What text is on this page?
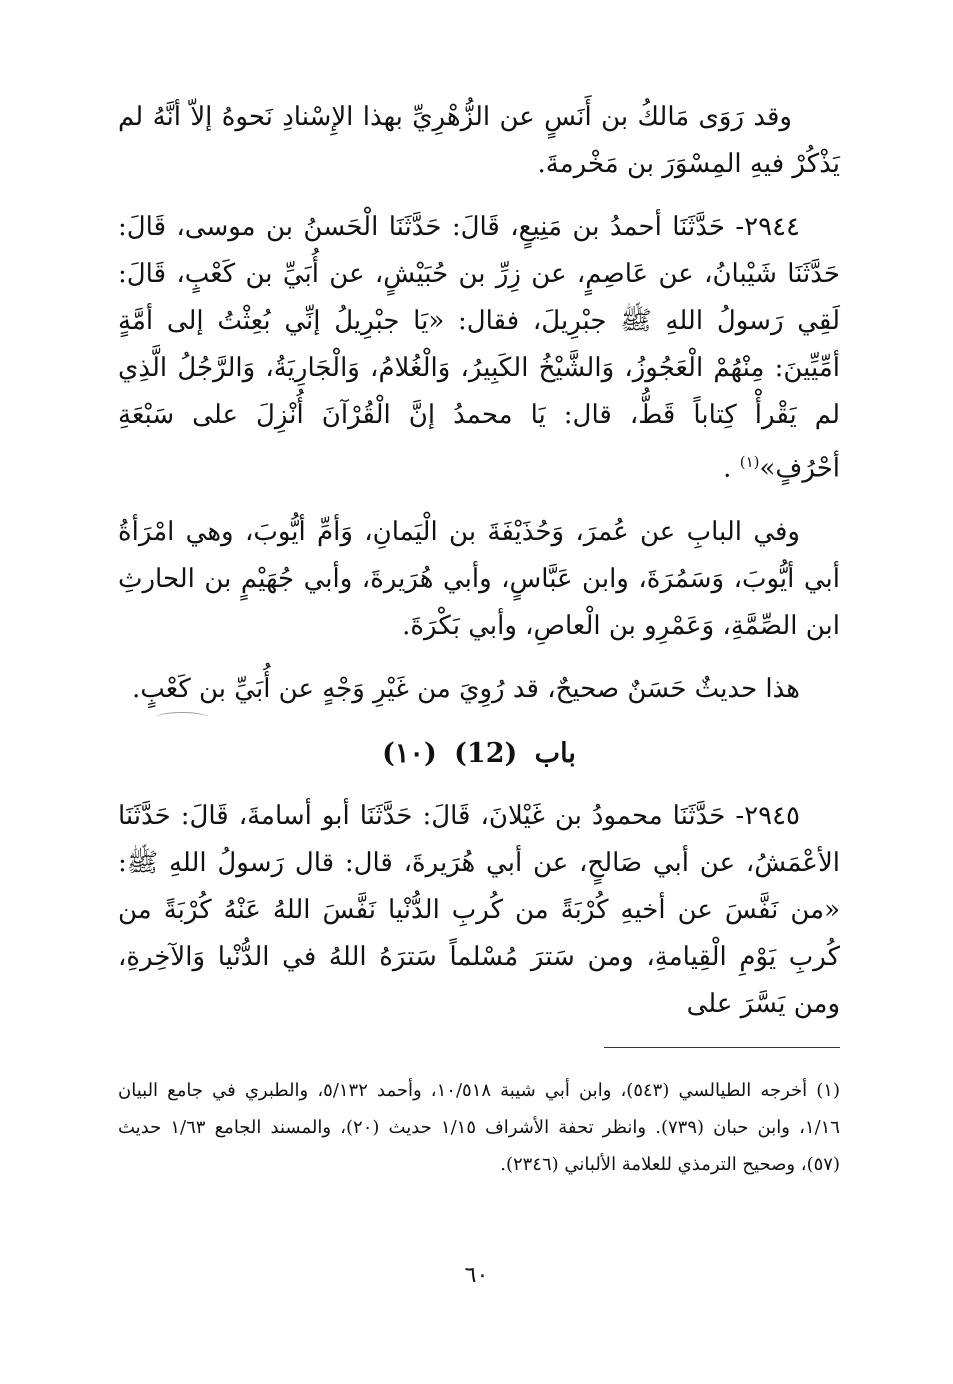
وقد رَوَى مَالكُ بن أَنَسٍ عن الزُّهْرِيِّ بهذا الإِسْنادِ نَحوهُ إلاّ أنَّهُ لم يَذْكُرْ فيهِ المِسْوَرَ بن مَخْرمةَ.

٢٩٤٤- حَدَّثَنَا أحمدُ بن مَنِيعٍ، قَالَ: حَدَّثَنَا الْحَسنُ بن موسى، قَالَ: حَدَّثَنَا شَيْبانُ، عن عَاصِمٍ، عن زِرِّ بن حُبَيْشٍ، عن أُبَيِّ بن كَعْبٍ، قَالَ: لَقِي رَسولُ اللهِ ﷺ جبْرِيلَ، فقال: «يَا جبْرِيلُ إنِّي بُعِثْتُ إلى أمَّةٍ أمِّيِّينَ: مِنْهُمْ الْعَجُوزُ، وَالشَّيْخُ الكَبِيرُ، وَالْغُلامُ، وَالْجَارِيَةُ، وَالرَّجُلُ الَّذِي لم يَقْرأْ كِتاباً قَطُّ، قال: يَا محمدُ إنَّ الْقُرْآنَ أُنْزِلَ على سَبْعَةِ أحْرُفٍ»$^{(١)}$ .

وفي البابِ عن عُمرَ، وَحُذَيْفَةَ بن الْيَمانِ، وَأمِّ أيُّوبَ، وهي امْرَأةُ أبي أيُّوبَ، وَسَمُرَةَ، وابن عَبَّاسٍ، وأبي هُرَيرةَ، وأبي جُهَيْمٍ بن الحارثِ ابن الصِّمَّةِ، وَعَمْرِو بن الْعاصِ، وأبي بَكْرَةَ.

هذا حديثٌ حَسَنٌ صحيحٌ، قد رُوِيَ من غَيْرِ وَجْهٍ عن أُبَيِّ بن كَعْبٍ.

باب (12) (١٠)

٢٩٤٥- حَدَّثَنَا محمودُ بن غَيْلانَ، قَالَ: حَدَّثَنَا أبو أسامةَ، قَالَ: حَدَّثَنَا الأعْمَشُ، عن أبي صَالحٍ، عن أبي هُرَيرةَ، قال: قال رَسولُ اللهِ ﷺ: «من نَفَّسَ عن أخيهِ كُرْبَةً من كُربِ الدُّنْيا نَفَّسَ اللهُ عَنْهُ كُرْبَةً من كُربِ يَوْمِ الْقِيامةِ، ومن سَترَ مُسْلماً سَترَهُ اللهُ في الدُّنْيا وَالآخِرةِ، ومن يَسَّرَ على

(١) أخرجه الطيالسي (٥٤٣)، وابن أبي شيبة ١٠/٥١٨، وأحمد ٥/١٣٢، والطبري في جامع البيان ١/١٦، وابن حبان (٧٣٩). وانظر تحفة الأشراف ١/١٥ حديث (٢٠)، والمسند الجامع ١/٦٣ حديث (٥٧)، وصحيح الترمذي للعلامة الألباني (٢٣٤٦).

٦٠
